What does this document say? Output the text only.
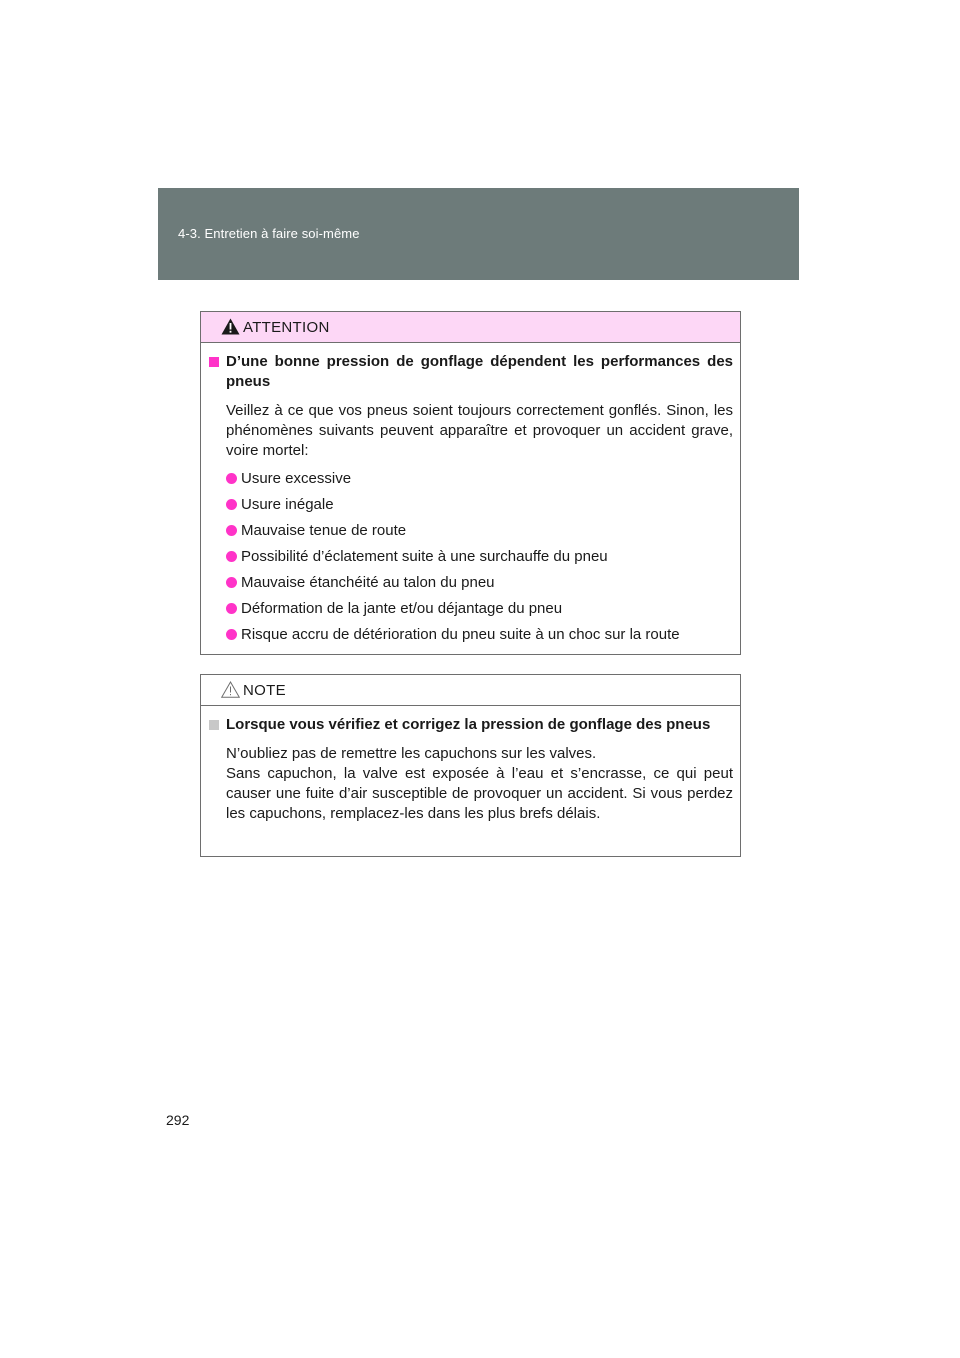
4-3. Entretien à faire soi-même
ATTENTION
D’une bonne pression de gonflage dépendent les performances des pneus
Veillez à ce que vos pneus soient toujours correctement gonflés. Sinon, les phénomènes suivants peuvent apparaître et provoquer un accident grave, voire mortel:
Usure excessive
Usure inégale
Mauvaise tenue de route
Possibilité d’éclatement suite à une surchauffe du pneu
Mauvaise étanchéité au talon du pneu
Déformation de la jante et/ou déjantage du pneu
Risque accru de détérioration du pneu suite à un choc sur la route
NOTE
Lorsque vous vérifiez et corrigez la pression de gonflage des pneus
N’oubliez pas de remettre les capuchons sur les valves.
Sans capuchon, la valve est exposée à l’eau et s’encrasse, ce qui peut causer une fuite d’air susceptible de provoquer un accident. Si vous perdez les capuchons, remplacez-les dans les plus brefs délais.
292
